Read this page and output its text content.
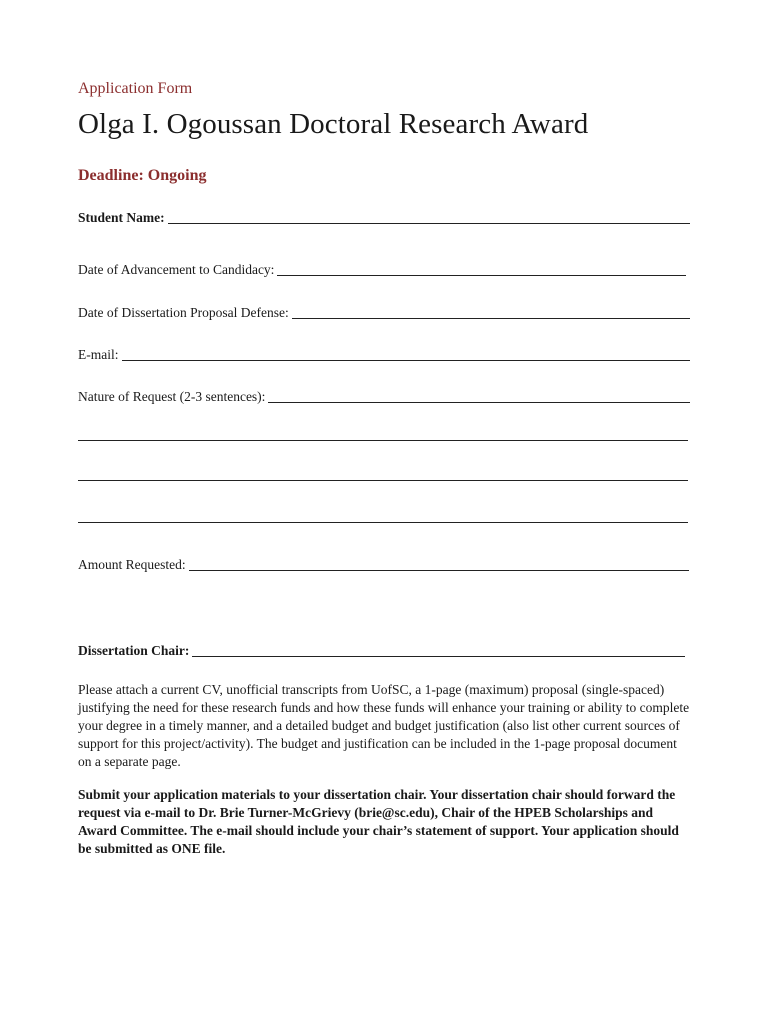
Application Form
Olga I. Ogoussan Doctoral Research Award
Deadline: Ongoing
Student Name:
Date of Advancement to Candidacy:
Date of Dissertation Proposal Defense:
E-mail:
Nature of Request (2-3 sentences):
Amount Requested:
Dissertation Chair:
Please attach a current CV, unofficial transcripts from UofSC, a 1-page (maximum) proposal (single-spaced) justifying the need for these research funds and how these funds will enhance your training or ability to complete your degree in a timely manner, and a detailed budget and budget justification (also list other current sources of support for this project/activity). The budget and justification can be included in the 1-page proposal document on a separate page.
Submit your application materials to your dissertation chair. Your dissertation chair should forward the request via e-mail to Dr. Brie Turner-McGrievy (brie@sc.edu), Chair of the HPEB Scholarships and Award Committee. The e-mail should include your chair’s statement of support. Your application should be submitted as ONE file.
